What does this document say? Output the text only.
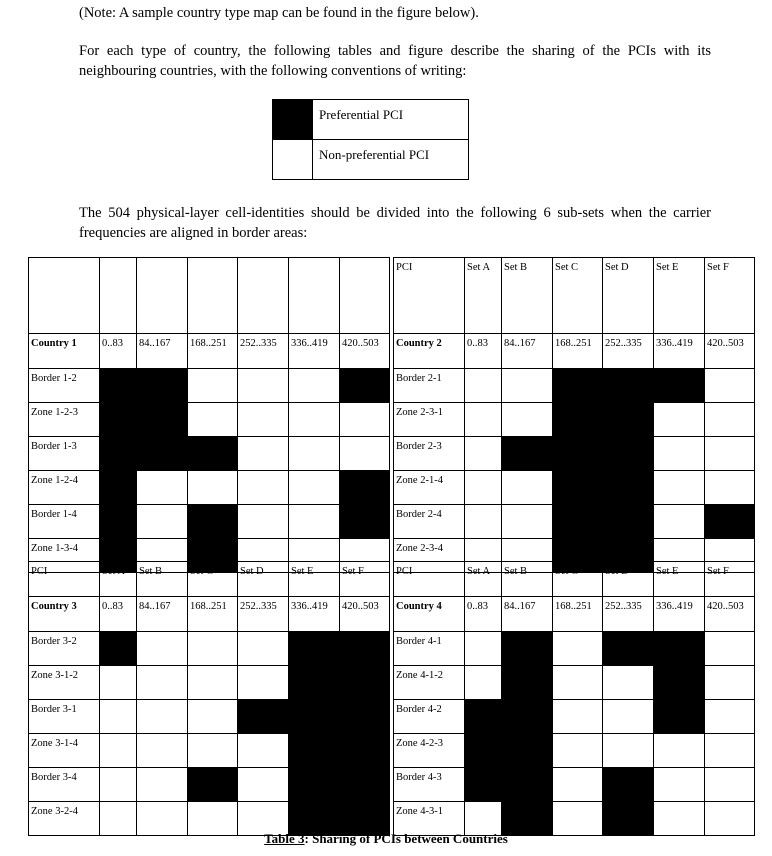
(Note: A sample country type map can be found in the figure below).

For each type of country, the following tables and figure describe the sharing of the PCIs with its neighbouring countries, with the following conventions of writing:

	Preferential PCI
	Non-preferential PCI

The 504 physical-layer cell-identities should be divided into the following 6 sub-sets when the carrier frequencies are aligned in border areas:

Country 1	0..83	84..167	168..251	252..335	336..419	420..503
Border 1-2						
Zone 1-2-3						
Border 1-3						
Zone 1-2-4						
Border 1-4						
Zone 1-3-4						
PCI	Set A	Set B	Set C	Set D	Set E	Set F
Country 2	0..83	84..167	168..251	252..335	336..419	420..503
Border 2-1						
Zone 2-3-1						
Border 2-3						
Zone 2-1-4						
Border 2-4						
Zone 2-3-4						
PCI	Set A	Set B	Set C	Set D	Set E	Set F
Country 3	0..83	84..167	168..251	252..335	336..419	420..503
Border 3-2						
Zone 3-1-2						
Border 3-1						
Zone 3-1-4						
Border 3-4						
Zone 3-2-4						
PCI	Set A	Set B	Set C	Set D	Set E	Set F
Country 4	0..83	84..167	168..251	252..335	336..419	420..503
Border 4-1						
Zone 4-1-2						
Border 4-2						
Zone 4-2-3						
Border 4-3						
Zone 4-3-1						
Table 3: Sharing of PCIs between Countries
